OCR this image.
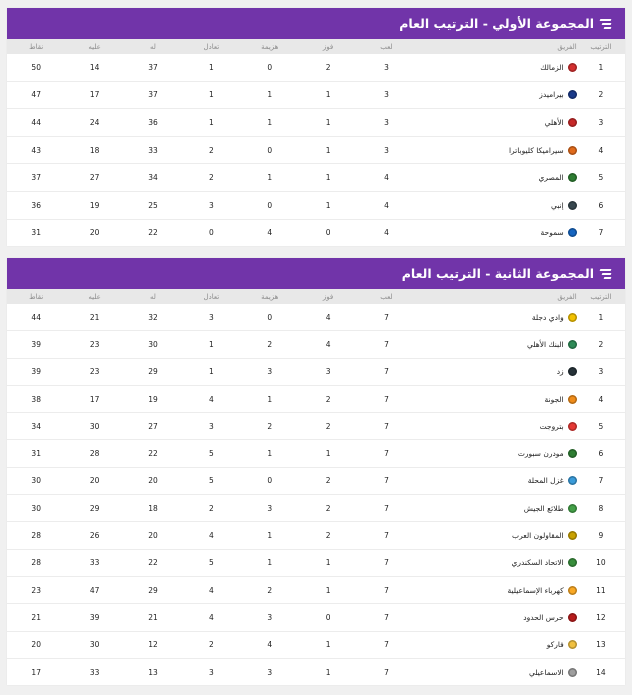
المجموعة الأولي - الترتيب العام
الترتيب	الفريق	لعب	فوز	هزيمة	تعادل	له	عليه	نقاط
1	الزمالك	3	2	0	1	37	14	50
2	بيراميدز	3	1	1	1	37	17	47
3	الأهلي	3	1	1	1	36	24	44
4	سيراميكا كليوباترا	3	1	0	2	33	18	43
5	المصري	4	1	1	2	34	27	37
6	إنبي	4	1	0	3	25	19	36
7	سموحة	4	0	4	0	22	20	31
المجموعة الثانية - الترتيب العام
الترتيب	الفريق	لعب	فوز	هزيمة	تعادل	له	عليه	نقاط
1	وادي دجلة	7	4	0	3	32	21	44
2	البنك الأهلي	7	4	2	1	30	23	39
3	زد	7	3	3	1	29	23	39
4	الجونة	7	2	1	4	19	17	38
5	بتروجت	7	2	2	3	27	30	34
6	مودرن سبورت	7	1	1	5	22	28	31
7	غزل المحلة	7	2	0	5	20	20	30
8	طلائع الجيش	7	2	3	2	18	29	30
9	المقاولون العرب	7	2	1	4	20	26	28
10	الاتحاد السكندري	7	1	1	5	22	33	28
11	كهرباء الإسماعيلية	7	1	2	4	29	47	23
12	حرس الحدود	7	0	3	4	21	39	21
13	فاركو	7	1	4	2	12	30	20
14	الاسماعيلي	7	1	3	3	13	33	17
